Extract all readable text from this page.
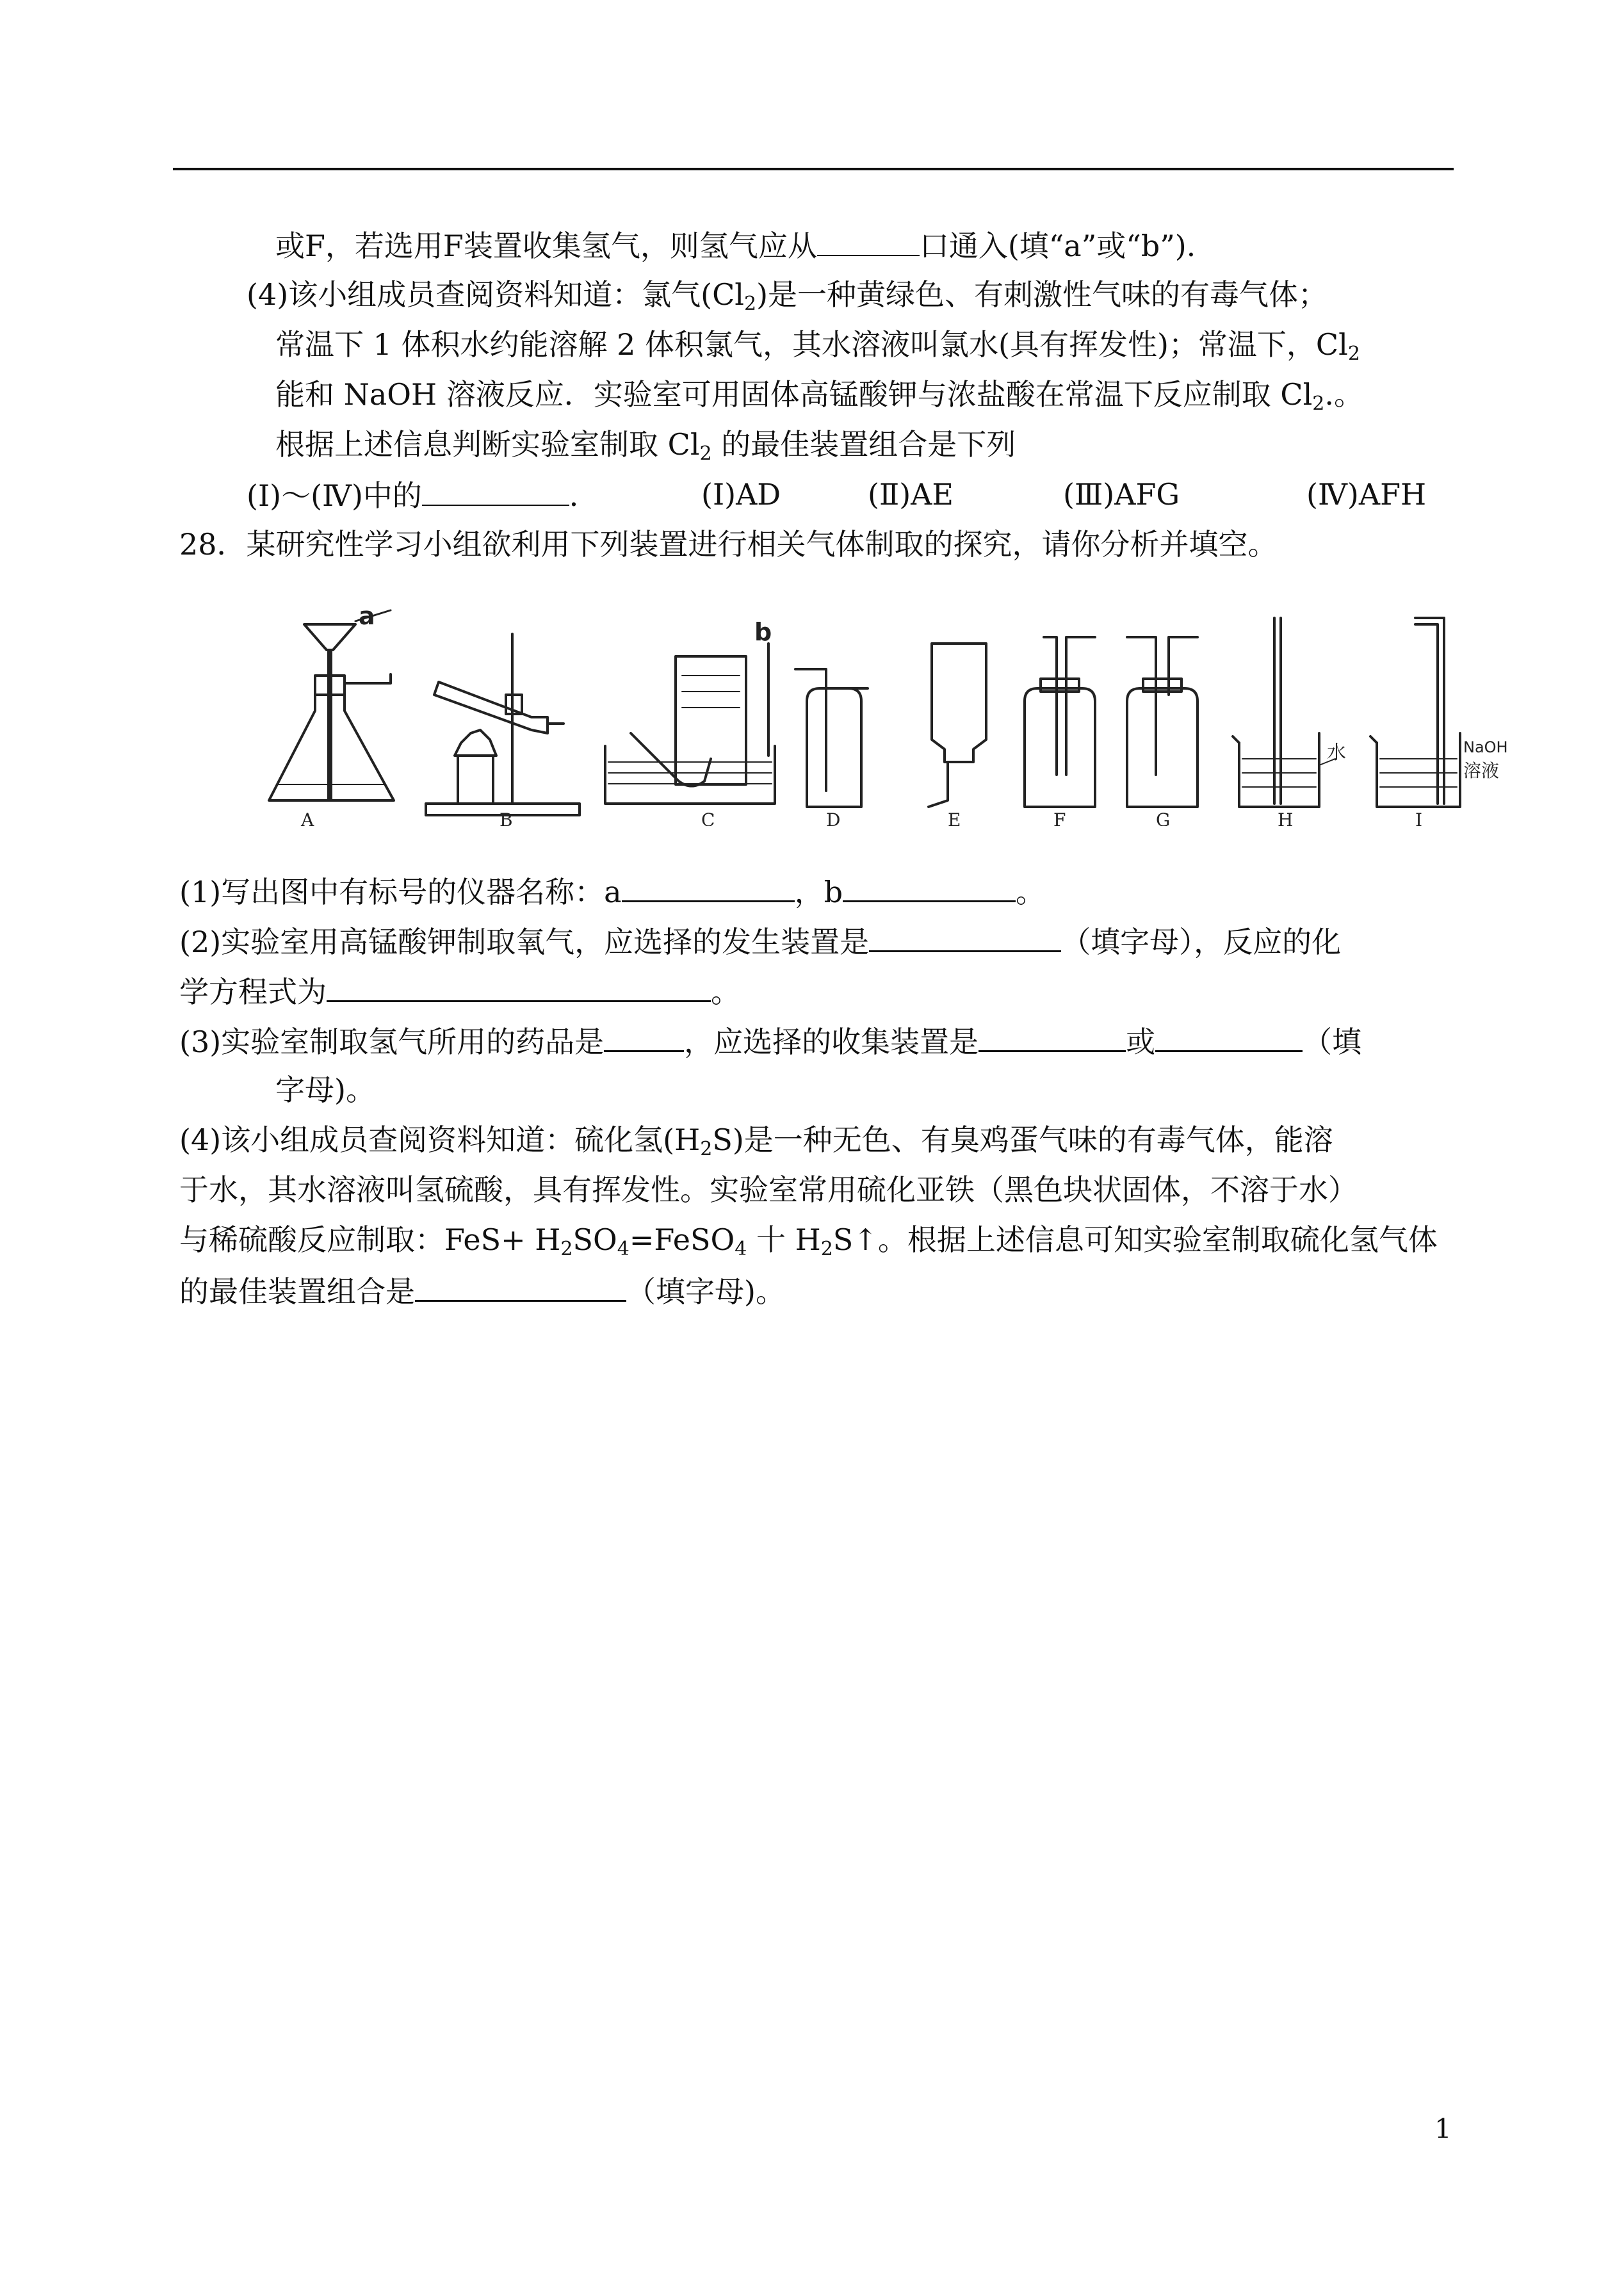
或F，若选用F装置收集氢气，则氢气应从	口通入(填“a”或“b”).
(4)该小组成员查阅资料知道：氯气$(Cl_2)$是一种黄绿色、有刺激性气味的有毒气体；
常温下 1 体积水约能溶解 2 体积氯气，其水溶液叫氯水(具有挥发性)；常温下，$Cl_2$
能和 NaOH 溶液反应．实验室可用固体高锰酸钾与浓盐酸在常温下反应制取 $Cl_2$.。
根据上述信息判断实验室制取 $Cl_2$ 的最佳装置组合是下列
(Ⅰ)～(Ⅳ)中的	．	(Ⅰ)AD	(Ⅱ)AE	(Ⅲ)AFG	(Ⅳ)AFH
28．某研究性学习小组欲利用下列装置进行相关气体制取的探究，请你分析并填空。
a
b
水	NaOH
溶液
A	B	C	D	E	F	G	H	I
(1)写出图中有标号的仪器名称：a	，b	。
(2)实验室用高锰酸钾制取氧气，应选择的发生装置是	（填字母），反应的化
学方程式为	。
(3)实验室制取氢气所用的药品是	，应选择的收集装置是	或	（填
字母)。
(4)该小组成员查阅资料知道：硫化氢$(H_2S)$是一种无色、有臭鸡蛋气味的有毒气体，能溶
于水，其水溶液叫氢硫酸，具有挥发性。实验室常用硫化亚铁（黑色块状固体，不溶于水）
与稀硫酸反应制取：$FeS+ H_2SO_4=FeSO_4$ 十 $H_2S↑$。根据上述信息可知实验室制取硫化氢气体
的最佳装置组合是	（填字母)。
1
